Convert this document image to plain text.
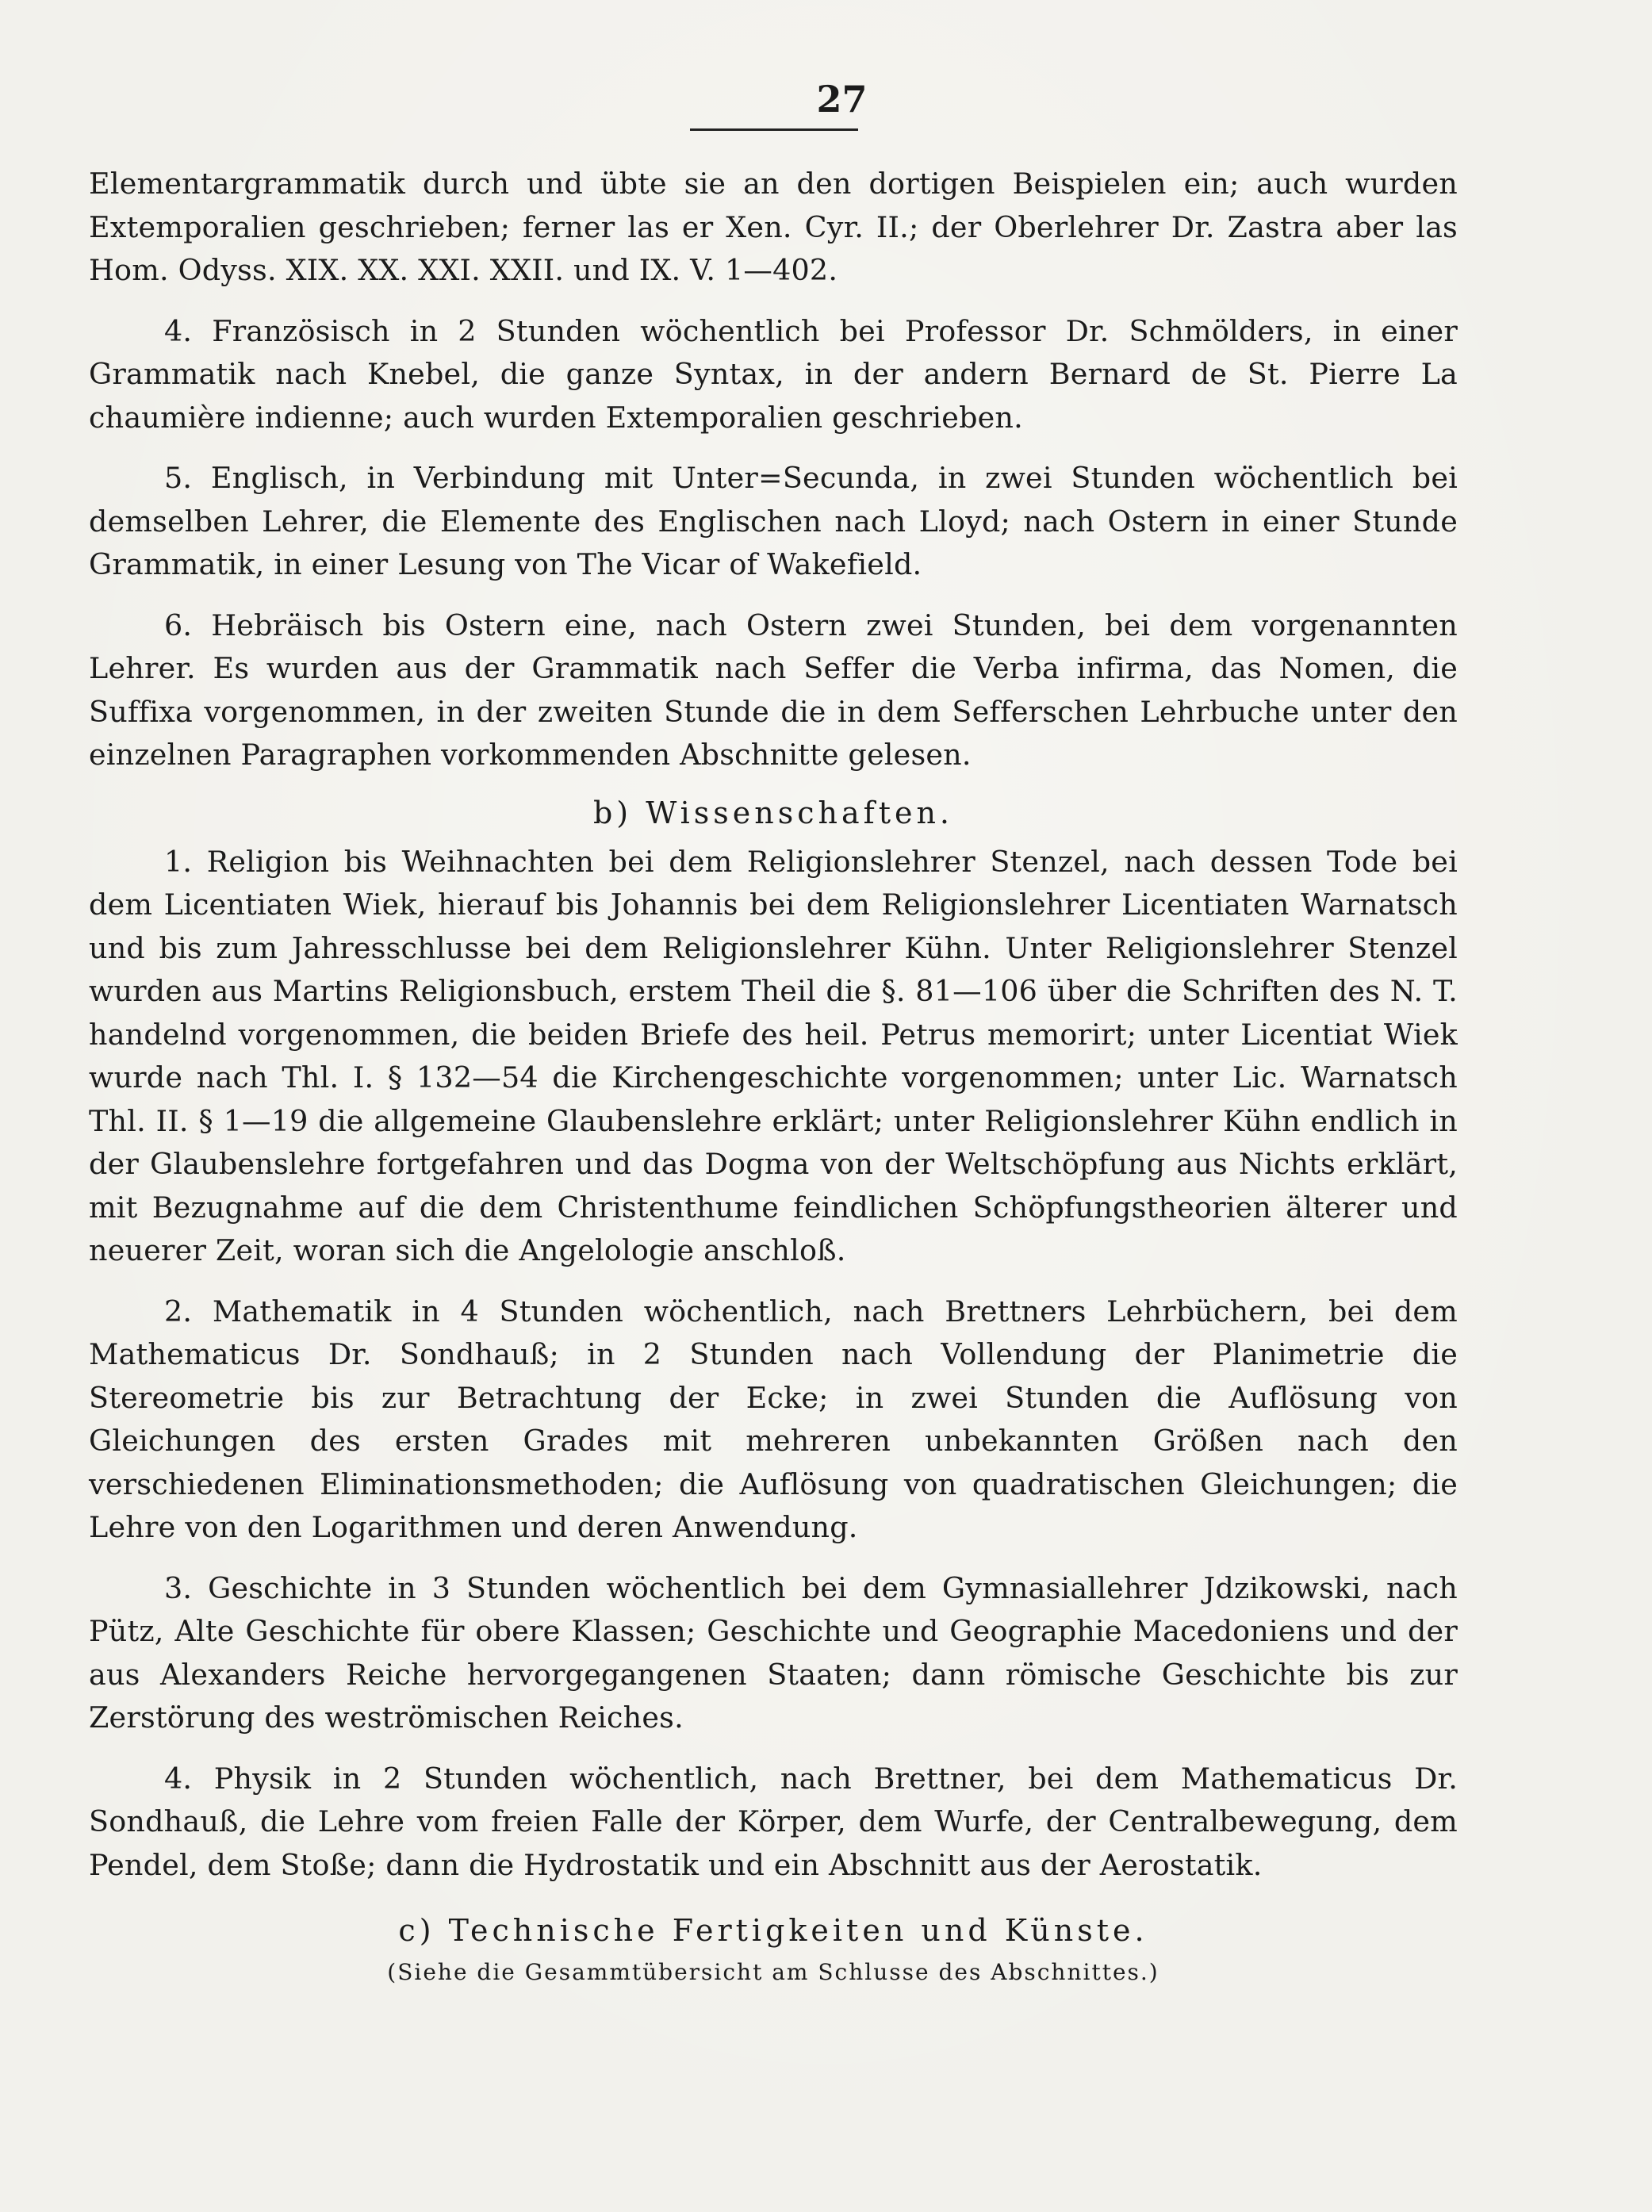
27

Elementargrammatik durch und übte sie an den dortigen Beispielen ein; auch wurden Extemporalien geschrieben; ferner las er Xen. Cyr. II.; der Oberlehrer Dr. Zastra aber las Hom. Odyss. XIX. XX. XXI. XXII. und IX. V. 1—402.

4. Französisch in 2 Stunden wöchentlich bei Professor Dr. Schmölders, in einer Grammatik nach Knebel, die ganze Syntax, in der andern Bernard de St. Pierre La chaumière indienne; auch wurden Extemporalien geschrieben.

5. Englisch, in Verbindung mit Unter=Secunda, in zwei Stunden wöchentlich bei demselben Lehrer, die Elemente des Englischen nach Lloyd; nach Ostern in einer Stunde Grammatik, in einer Lesung von The Vicar of Wakefield.

6. Hebräisch bis Ostern eine, nach Ostern zwei Stunden, bei dem vorgenannten Lehrer. Es wurden aus der Grammatik nach Seffer die Verba infirma, das Nomen, die Suffixa vorgenommen, in der zweiten Stunde die in dem Sefferschen Lehrbuche unter den einzelnen Paragraphen vorkommenden Abschnitte gelesen.

b) Wissenschaften.

1. Religion bis Weihnachten bei dem Religionslehrer Stenzel, nach dessen Tode bei dem Licentiaten Wiek, hierauf bis Johannis bei dem Religionslehrer Licentiaten Warnatsch und bis zum Jahresschlusse bei dem Religionslehrer Kühn. Unter Religionslehrer Stenzel wurden aus Martins Religionsbuch, erstem Theil die §. 81—106 über die Schriften des N. T. handelnd vorgenommen, die beiden Briefe des heil. Petrus memorirt; unter Licentiat Wiek wurde nach Thl. I. § 132—54 die Kirchengeschichte vorgenommen; unter Lic. Warnatsch Thl. II. § 1—19 die allgemeine Glaubenslehre erklärt; unter Religionslehrer Kühn endlich in der Glaubenslehre fortgefahren und das Dogma von der Weltschöpfung aus Nichts erklärt, mit Bezugnahme auf die dem Christenthume feindlichen Schöpfungstheorien älterer und neuerer Zeit, woran sich die Angelologie anschloß.

2. Mathematik in 4 Stunden wöchentlich, nach Brettners Lehrbüchern, bei dem Mathematicus Dr. Sondhauß; in 2 Stunden nach Vollendung der Planimetrie die Stereometrie bis zur Betrachtung der Ecke; in zwei Stunden die Auflösung von Gleichungen des ersten Grades mit mehreren unbekannten Größen nach den verschiedenen Eliminationsmethoden; die Auflösung von quadratischen Gleichungen; die Lehre von den Logarithmen und deren Anwendung.

3. Geschichte in 3 Stunden wöchentlich bei dem Gymnasiallehrer Jdzikowski, nach Pütz, Alte Geschichte für obere Klassen; Geschichte und Geographie Macedoniens und der aus Alexanders Reiche hervorgegangenen Staaten; dann römische Geschichte bis zur Zerstörung des weströmischen Reiches.

4. Physik in 2 Stunden wöchentlich, nach Brettner, bei dem Mathematicus Dr. Sondhauß, die Lehre vom freien Falle der Körper, dem Wurfe, der Centralbewegung, dem Pendel, dem Stoße; dann die Hydrostatik und ein Abschnitt aus der Aerostatik.

c) Technische Fertigkeiten und Künste.
(Siehe die Gesammtübersicht am Schlusse des Abschnittes.)
